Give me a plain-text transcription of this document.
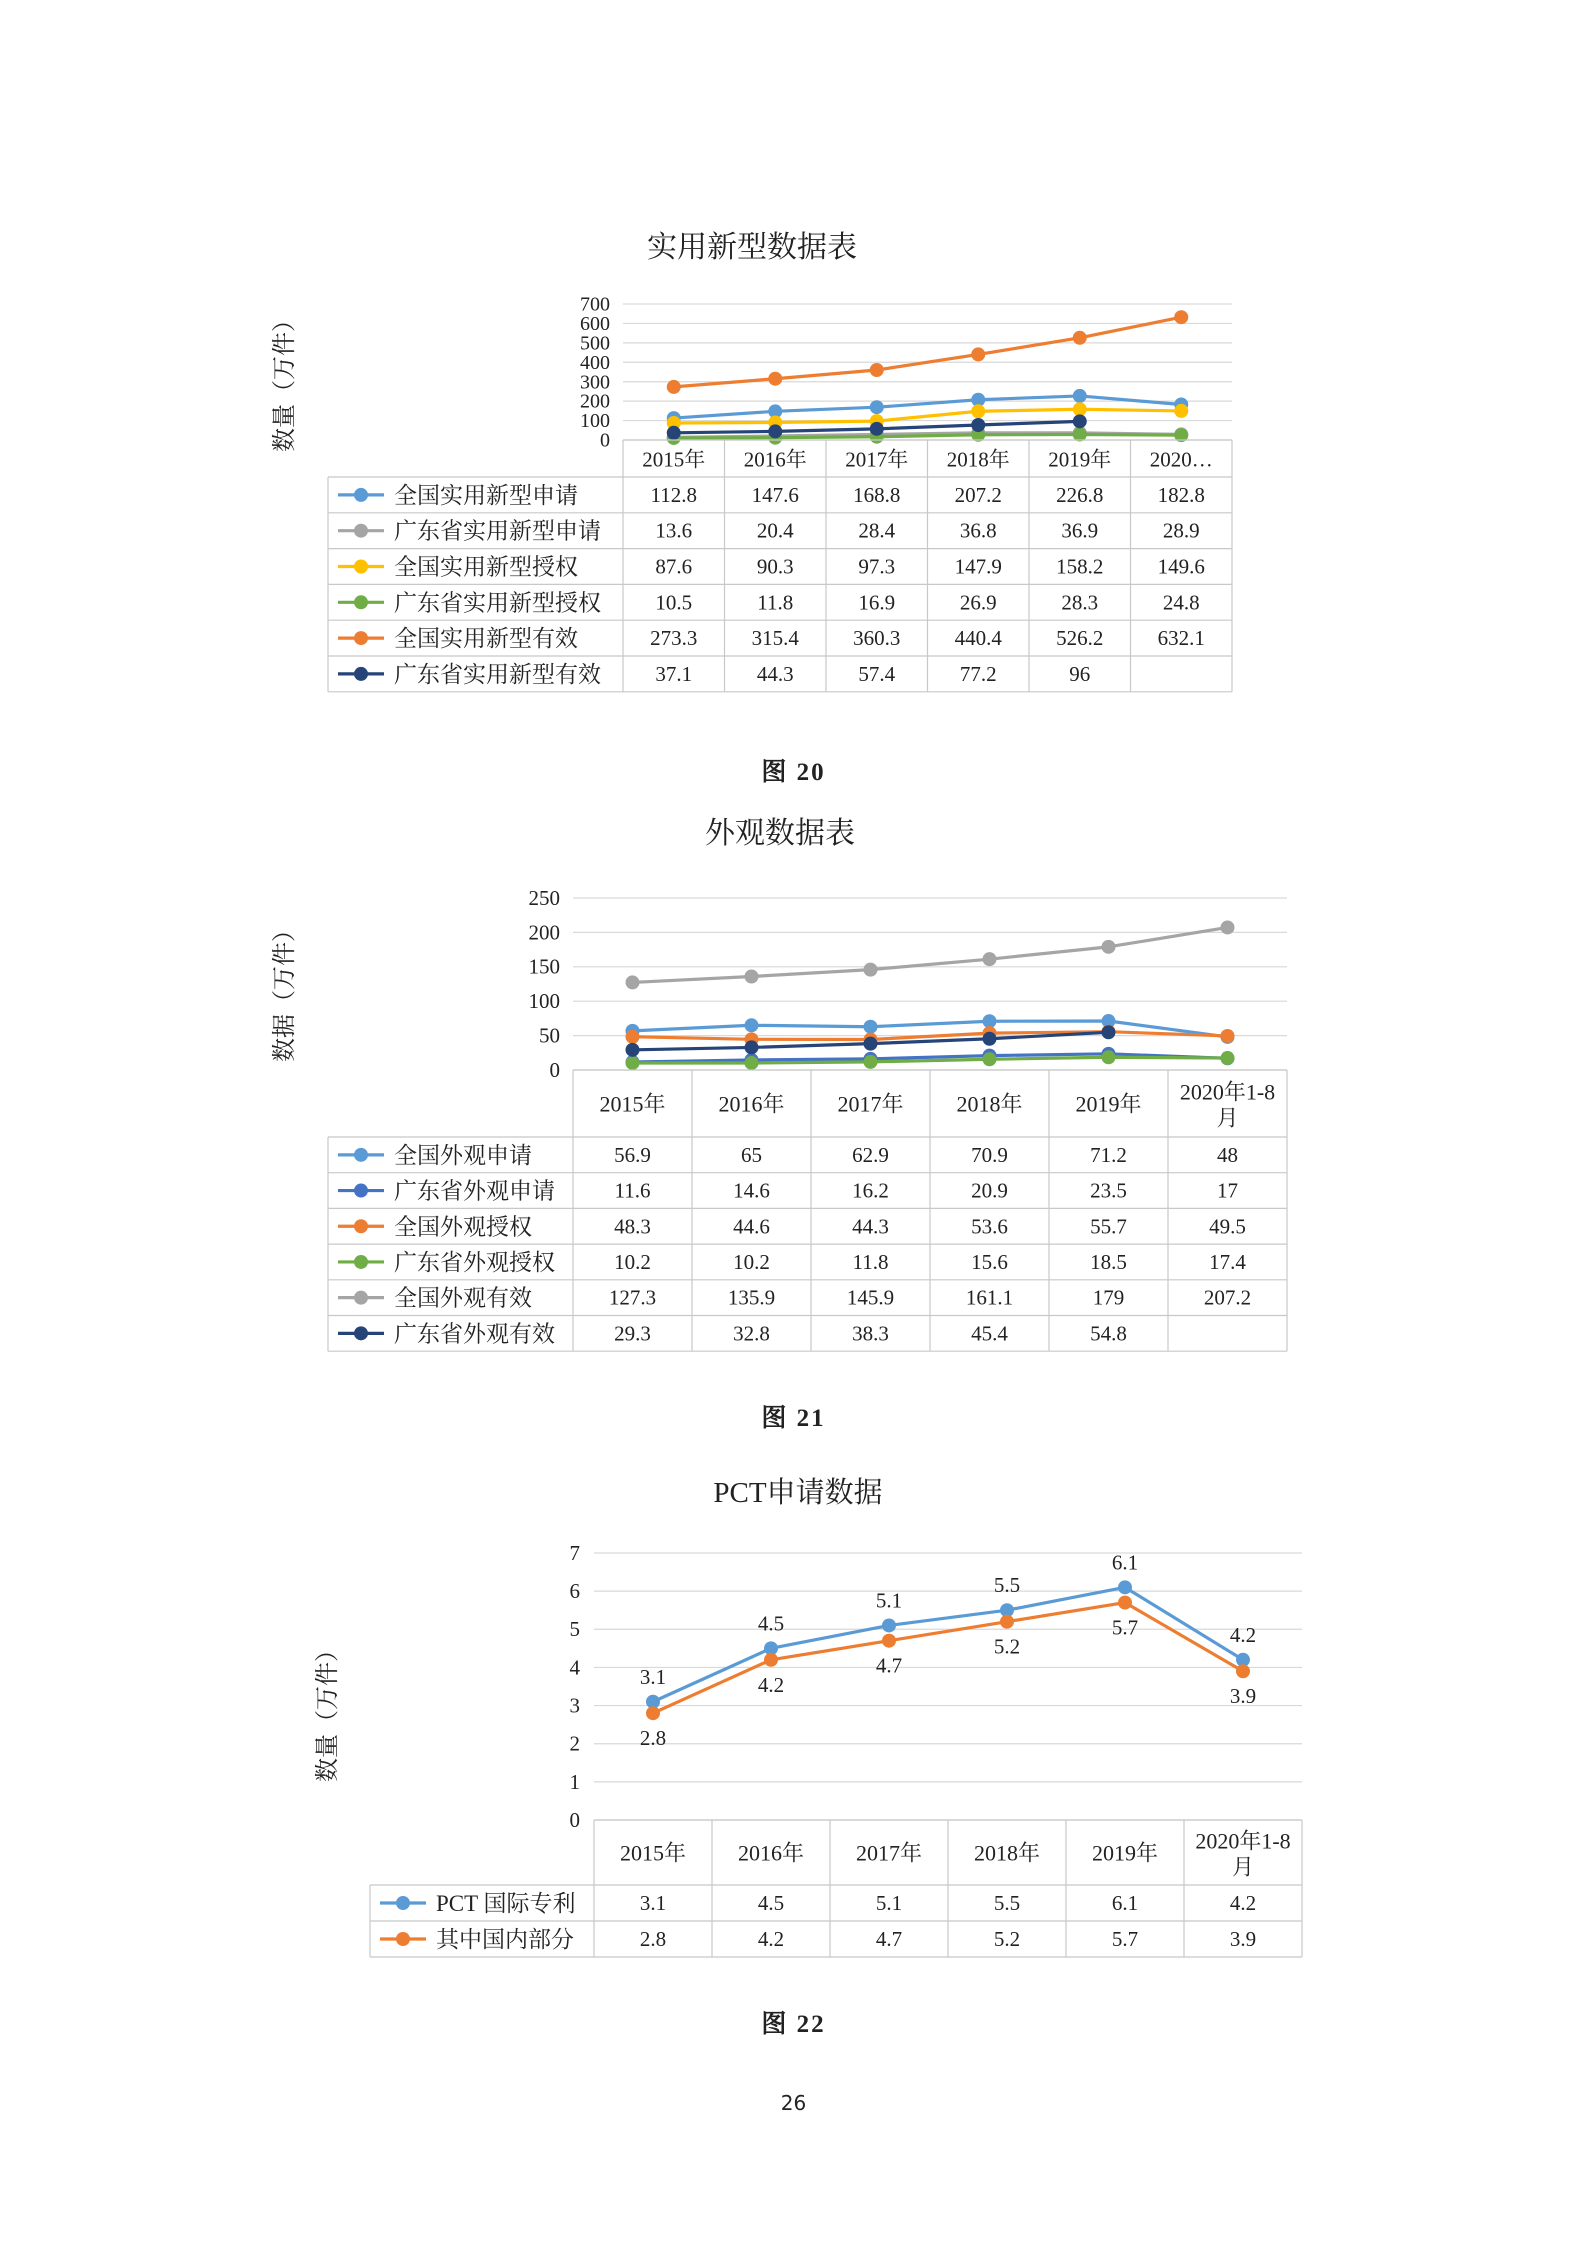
实用新型数据表
数量（万件）	0
100
200
300
400
500
600
700
2015年 2016年 2017年 2018年 2019年 2020…
全国实用新型申请	112.8	147.6	168.8	207.2	226.8	182.8
广东省实用新型申请	13.6	20.4	28.4	36.8	36.9	28.9
全国实用新型授权	87.6	90.3	97.3	147.9	158.2	149.6
广东省实用新型授权	10.5	11.8	16.9	26.9	28.3	24.8
全国实用新型有效	273.3	315.4	360.3	440.4	526.2	632.1
广东省实用新型有效	37.1	44.3	57.4	77.2	96
图 20
外观数据表
数据（万件）
0
50
100
150
200
250
2015年 2016年 2017年 2018年 2019年 2020年1-8
月
全国外观申请	56.9	65	62.9	70.9	71.2	48
广东省外观申请	11.6	14.6	16.2	20.9	23.5	17
全国外观授权	48.3	44.6	44.3	53.6	55.7	49.5
广东省外观授权	10.2	10.2	11.8	15.6	18.5	17.4
全国外观有效	127.3	135.9	145.9	161.1	179	207.2
广东省外观有效	29.3	32.8	38.3	45.4	54.8
图 21
PCT申请数据
数量（万件）
0
1
2
3
4
5
6
7
3.1
4.5
5.1
5.5
6.1
4.2
2.8
4.2
4.7
5.2
5.7
3.9
2015年 2016年 2017年 2018年 2019年 2020年1-8
月
PCT 国际专利	3.1	4.5	5.1	5.5	6.1	4.2
其中国内部分	2.8	4.2	4.7	5.2	5.7	3.9
图 22
26
